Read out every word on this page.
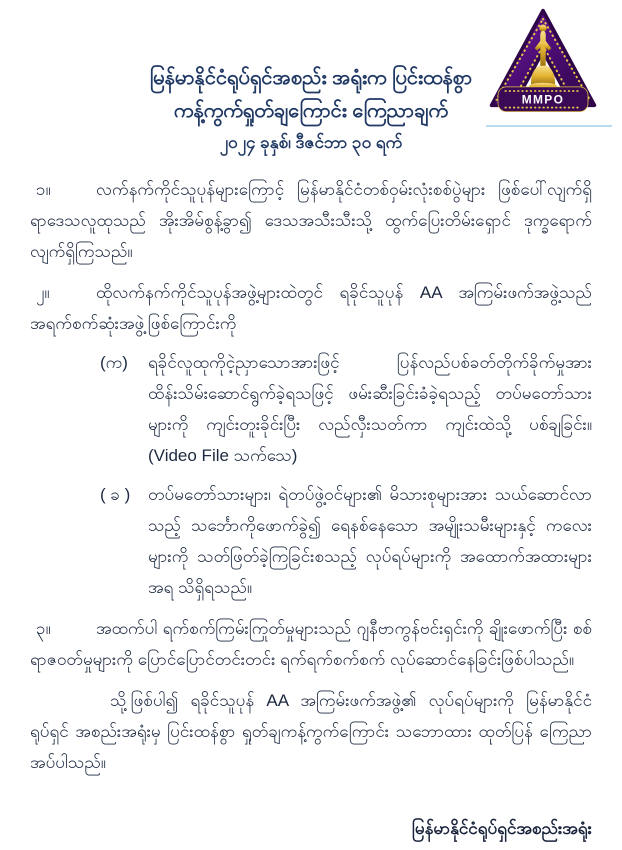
MMPO
မြန်မာနိုင်ငံရုပ်ရှင်အစည်း အရုံးက ပြင်းထန်စွာ
ကန့်ကွက်ရှုတ်ချကြောင်း ကြေညာချက်
၂၀၂၄ ခုနှစ်၊ ဒီဇင်ဘာ ၃၀ ရက်

၁။	လက်နက်ကိုင်သူပုန်များကြောင့် မြန်မာနိုင်ငံတစ်ဝှမ်းလုံးစစ်ပွဲများ ဖြစ်ပေါ်လျက်ရှိရာဒေသလူထုသည် အိုးအိမ်စွန့်ခွာ၍ ဒေသအသီးသီးသို့ ထွက်ပြေးတိမ်းရှောင် ဒုက္ခရောက်လျက်ရှိကြသည်။

၂။	ထိုလက်နက်ကိုင်သူပုန်အဖွဲ့များထဲတွင် ရခိုင်သူပုန် AA အကြမ်းဖက်အဖွဲ့သည် အရက်စက်ဆုံးအဖွဲ့ဖြစ်ကြောင်းကို

(က) ရခိုင်လူထုကိုငဲ့ညှာသောအားဖြင့် ပြန်လည်ပစ်ခတ်တိုက်ခိုက်မှုအား ထိန်းသိမ်းဆောင်ရွက်ခဲ့ရသဖြင့် ဖမ်းဆီးခြင်းခံခဲ့ရသည့် တပ်မတော်သားများကို ကျင်းတူးခိုင်းပြီး လည်လှီးသတ်ကာ ကျင်းထဲသို့ ပစ်ချခြင်း။ (Video File သက်သေ)
( ခ ) တပ်မတော်သားများ၊ ရဲတပ်ဖွဲ့ဝင်များ၏ မိသားစုများအား သယ်ဆောင်လာသည့် သင်္ဘောကိုဖောက်ခွဲ၍ ရေနစ်နေသော အမျိုးသမီးများနှင့် ကလေးများကို သတ်ဖြတ်ခဲ့ကြခြင်းစသည့် လုပ်ရပ်များကို အထောက်အထားများအရ သိရှိရသည်။

၃။	အထက်ပါ ရက်စက်ကြမ်းကြုတ်မှုများသည် ဂျနီဗာကွန်ဗင်းရှင်းကို ချိုးဖောက်ပြီး စစ်ရာဇဝတ်မှုများကို ပြောင်ပြောင်တင်းတင်း ရက်ရက်စက်စက် လုပ်ဆောင်နေခြင်းဖြစ်ပါသည်။

သို့ဖြစ်ပါ၍ ရခိုင်သူပုန် AA အကြမ်းဖက်အဖွဲ့၏ လုပ်ရပ်များကို မြန်မာနိုင်ငံရုပ်ရှင် အစည်းအရုံးမှ ပြင်းထန်စွာ ရှုတ်ချကန့်ကွက်ကြောင်း သဘောထား ထုတ်ပြန် ကြေညာအပ်ပါသည်။

မြန်မာနိုင်ငံရုပ်ရှင်အစည်းအရုံး
